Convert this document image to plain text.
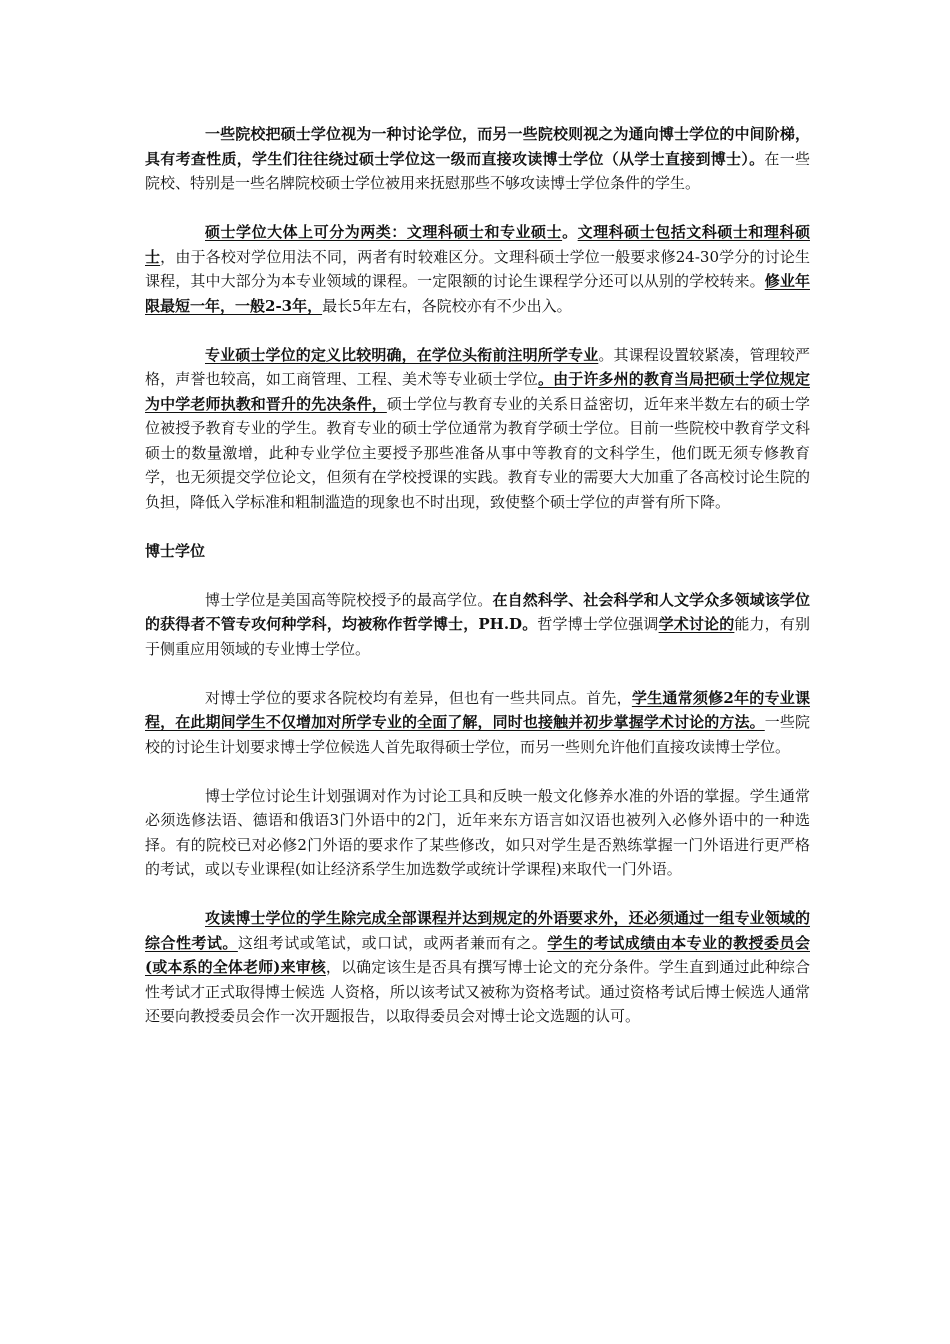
一些院校把硕士学位视为一种讨论学位，而另一些院校则视之为通向博士学位的中间阶梯，具有考查性质，学生们往往绕过硕士学位这一级而直接攻读博士学位（从学士直接到博士）。在一些院校、特别是一些名牌院校硕士学位被用来抚慰那些不够攻读博士学位条件的学生。

硕士学位大体上可分为两类：文理科硕士和专业硕士。文理科硕士包括文科硕士和理科硕士，由于各校对学位用法不同，两者有时较难区分。文理科硕士学位一般要求修24-30学分的讨论生课程，其中大部分为本专业领域的课程。一定限额的讨论生课程学分还可以从别的学校转来。修业年限最短一年，一般2-3年，最长5年左右，各院校亦有不少出入。

专业硕士学位的定义比较明确，在学位头衔前注明所学专业。其课程设置较紧凑，管理较严格，声誉也较高，如工商管理、工程、美术等专业硕士学位。由于许多州的教育当局把硕士学位规定为中学老师执教和晋升的先决条件，硕士学位与教育专业的关系日益密切，近年来半数左右的硕士学位被授予教育专业的学生。教育专业的硕士学位通常为教育学硕士学位。目前一些院校中教育学文科硕士的数量激增，此种专业学位主要授予那些准备从事中等教育的文科学生，他们既无须专修教育学，也无须提交学位论文，但须有在学校授课的实践。教育专业的需要大大加重了各高校讨论生院的负担，降低入学标准和粗制滥造的现象也不时出现，致使整个硕士学位的声誉有所下降。

博士学位

博士学位是美国高等院校授予的最高学位。在自然科学、社会科学和人文学众多领域该学位的获得者不管专攻何种学科，均被称作哲学博士，PH.D。哲学博士学位强调学术讨论的能力，有别于侧重应用领域的专业博士学位。

对博士学位的要求各院校均有差异，但也有一些共同点。首先，学生通常须修2年的专业课程，在此期间学生不仅增加对所学专业的全面了解，同时也接触并初步掌握学术讨论的方法。一些院校的讨论生计划要求博士学位候选人首先取得硕士学位，而另一些则允许他们直接攻读博士学位。

博士学位讨论生计划强调对作为讨论工具和反映一般文化修养水准的外语的掌握。学生通常必须选修法语、德语和俄语3门外语中的2门，近年来东方语言如汉语也被列入必修外语中的一种选择。有的院校已对必修2门外语的要求作了某些修改，如只对学生是否熟练掌握一门外语进行更严格的考试，或以专业课程(如让经济系学生加选数学或统计学课程)来取代一门外语。

攻读博士学位的学生除完成全部课程并达到规定的外语要求外，还必须通过一组专业领域的综合性考试。这组考试或笔试，或口试，或两者兼而有之。学生的考试成绩由本专业的教授委员会(或本系的全体老师)来审核，以确定该生是否具有撰写博士论文的充分条件。学生直到通过此种综合性考试才正式取得博士候选 人资格，所以该考试又被称为资格考试。通过资格考试后博士候选人通常还要向教授委员会作一次开题报告，以取得委员会对博士论文选题的认可。
